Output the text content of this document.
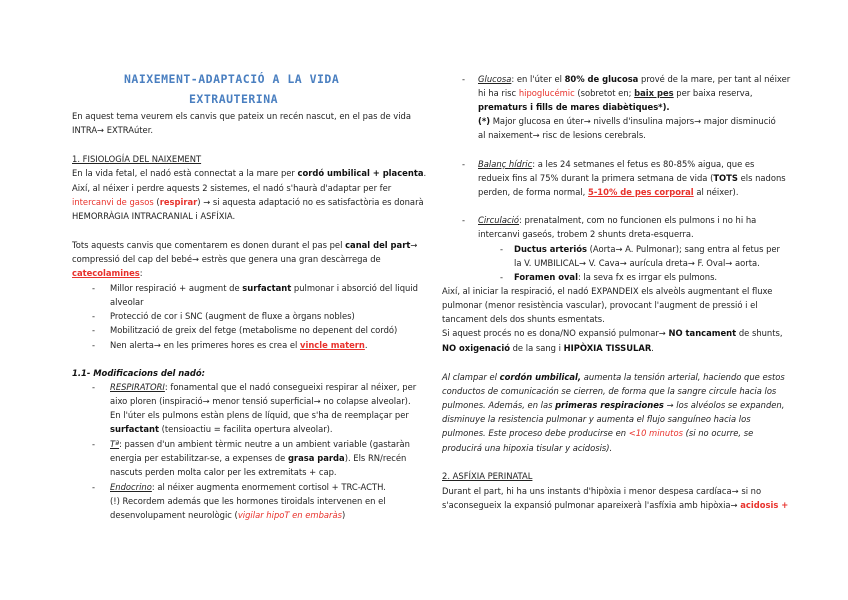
NAIXEMENT-ADAPTACIÓ A LA VIDA
EXTRAUTERINA
En aquest tema veurem els canvis que pateix un recén nascut, en el pas de vida
INTRA→ EXTRAúter.
1. FISIOLOGÍA DEL NAIXEMENT
En la vida fetal, el nadó està connectat a la mare per cordó umbilical + placenta.
Així, al néixer i perdre aquests 2 sistemes, el nadó s'haurà d'adaptar per fer
intercanvi de gasos (respirar) → si aquesta adaptació no es satisfactòria es donarà
HEMORRÀGIA INTRACRANIAL i ASFÍXIA.
Tots aquests canvis que comentarem es donen durant el pas pel canal del part→
compressió del cap del bebé→ estrès que genera una gran descàrrega de
catecolamines:
- Millor respiració + augment de surfactant pulmonar i absorció del liquid
alveolar
- Protecció de cor i SNC (augment de fluxe a òrgans nobles)
- Mobilització de greix del fetge (metabolisme no depenent del cordó)
- Nen alerta→ en les primeres hores es crea el vincle matern.
1.1- Modificacions del nadó:
- RESPIRATORI: fonamental que el nadó consegueixi respirar al néixer, per
aixo ploren (inspiració→ menor tensió superficial→ no colapse alveolar).
En l'úter els pulmons estàn plens de líquid, que s'ha de reemplaçar per
surfactant (tensioactiu = facilita opertura alveolar).
- Tª: passen d'un ambient tèrmic neutre a un ambient variable (gastaràn
energia per estabilitzar-se, a expenses de grasa parda). Els RN/recén
nascuts perden molta calor per les extremitats + cap.
- Endocrino: al néixer augmenta enormement cortisol + TRC-ACTH.
(!) Recordem además que les hormones tiroidals intervenen en el
desenvolupament neurològic (vigilar hipoT en embaràs)
- Glucosa: en l'úter el 80% de glucosa prové de la mare, per tant al néixer
hi ha risc hipoglucémic (sobretot en; baix pes per baixa reserva,
prematurs i fills de mares diabètiques*).
(*) Major glucosa en úter→ nivells d'insulina majors→ major disminució
al naixement→ risc de lesions cerebrals.
- Balanç hídric: a les 24 setmanes el fetus es 80-85% aigua, que es
redueix fins al 75% durant la primera setmana de vida (TOTS els nadons
perden, de forma normal, 5-10% de pes corporal al néixer).
- Circulació: prenatalment, com no funcionen els pulmons i no hi ha
intercanvi gaseós, trobem 2 shunts dreta-esquerra.
- Ductus arteriós (Aorta→ A. Pulmonar); sang entra al fetus per
la V. UMBILICAL→ V. Cava→ aurícula dreta→ F. Oval→ aorta.
- Foramen oval: la seva fx es irrgar els pulmons.
Així, al iniciar la respiració, el nadó EXPANDEIX els alveòls augmentant el fluxe
pulmonar (menor resistència vascular), provocant l'augment de pressió i el
tancament dels dos shunts esmentats.
Si aquest procés no es dona/NO expansió pulmonar→ NO tancament de shunts,
NO oxigenació de la sang i HIPÒXIA TISSULAR.
Al clampar el cordón umbilical, aumenta la tensión arterial, haciendo que estos
conductos de comunicación se cierren, de forma que la sangre circule hacia los
pulmones. Además, en las primeras respiraciones → los alvéolos se expanden,
disminuye la resistencia pulmonar y aumenta el flujo sanguíneo hacia los
pulmones. Este proceso debe producirse en <10 minutos (si no ocurre, se
producirá una hipoxia tisular y acidosis).
2. ASFÍXIA PERINATAL
Durant el part, hi ha uns instants d'hipòxia i menor despesa cardíaca→ si no
s'aconsegueix la expansió pulmonar apareixerà l'asfíxia amb hipòxia→ acidosis +
